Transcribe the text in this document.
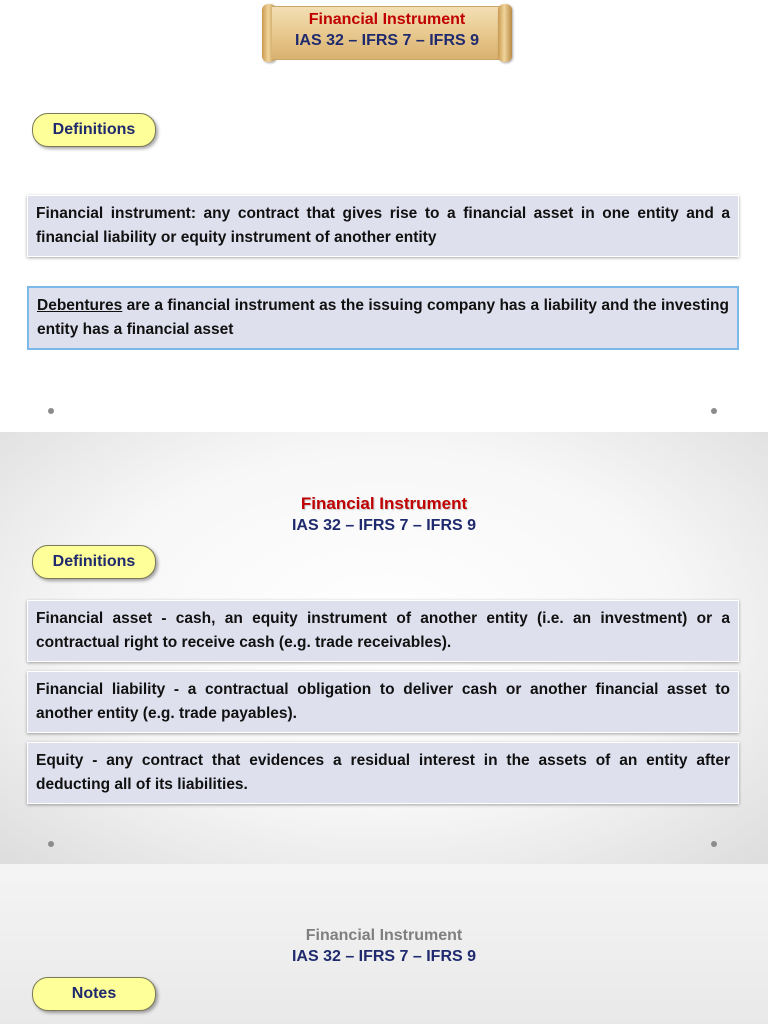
Financial Instrument
IAS 32 – IFRS 7 – IFRS 9
Definitions
Financial instrument: any contract that gives rise to a financial asset in one entity and a financial liability or equity instrument of another entity
Debentures are a financial instrument as the issuing company has a liability and the investing entity has a financial asset
Financial Instrument
IAS 32 – IFRS 7 – IFRS 9
Definitions
Financial asset - cash, an equity instrument of another entity (i.e. an investment) or a contractual right to receive cash (e.g. trade receivables).
Financial liability - a contractual obligation to deliver cash or another financial asset to another entity (e.g. trade payables).
Equity - any contract that evidences a residual interest in the assets of an entity after deducting all of its liabilities.
Financial Instrument
IAS 32 – IFRS 7 – IFRS 9
Notes
